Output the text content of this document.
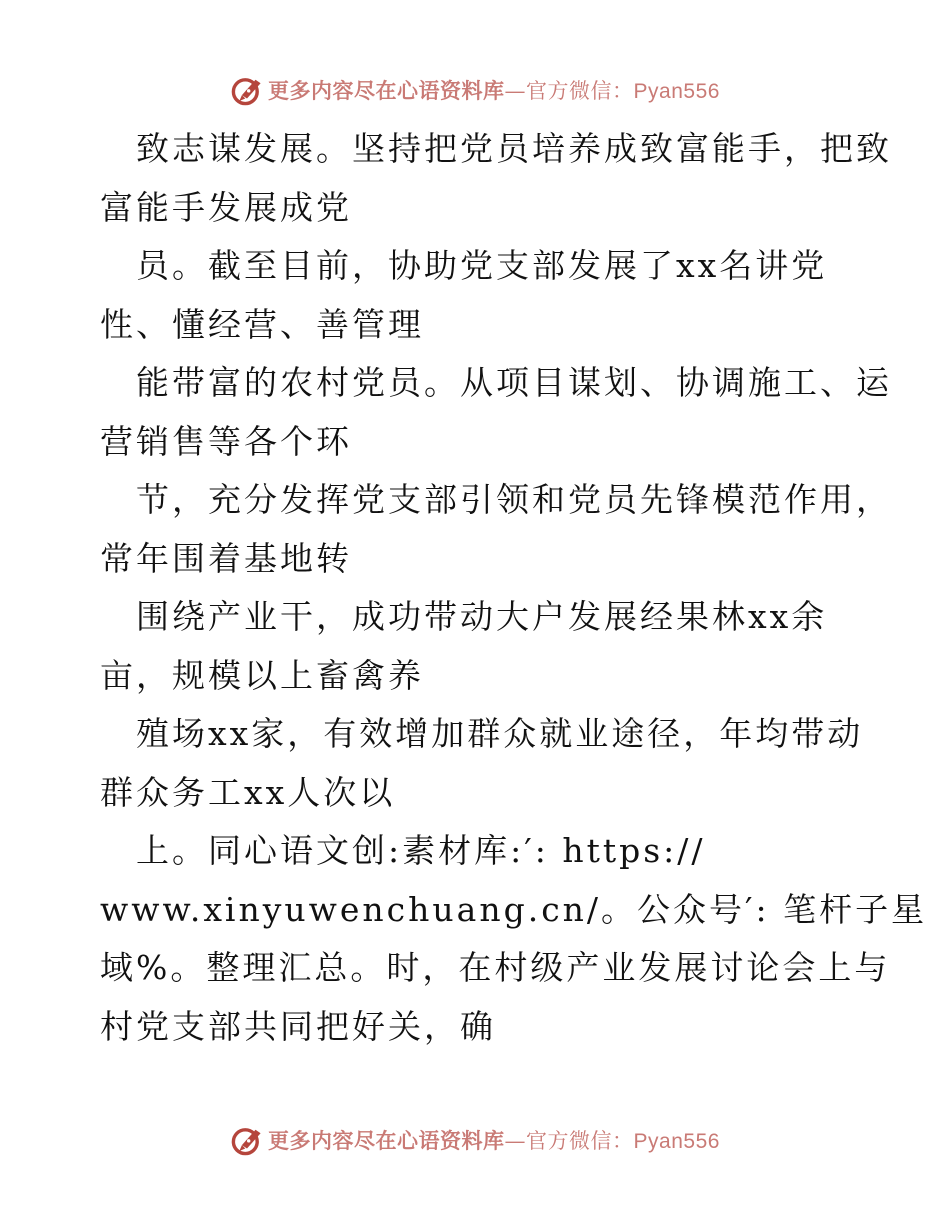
更多内容尽在心语资料库—官方微信：Pyan556
致志谋发展。坚持把党员培养成致富能手，把致
富能手发展成党
员。截至目前，协助党支部发展了xx名讲党
性、懂经营、善管理
能带富的农村党员。从项目谋划、协调施工、运
营销售等各个环
节，充分发挥党支部引领和党员先锋模范作用，
常年围着基地转
围绕产业干，成功带动大户发展经果林xx余
亩，规模以上畜禽养
殖场xx家，有效增加群众就业途径，年均带动
群众务工xx人次以
上。同心语文创:素材库:′: https://
www.xinyuwenchuang.cn/。公众号′: 笔杆子星
域%。整理汇总。时，在村级产业发展讨论会上与
村党支部共同把好关，确
更多内容尽在心语资料库—官方微信：Pyan556
